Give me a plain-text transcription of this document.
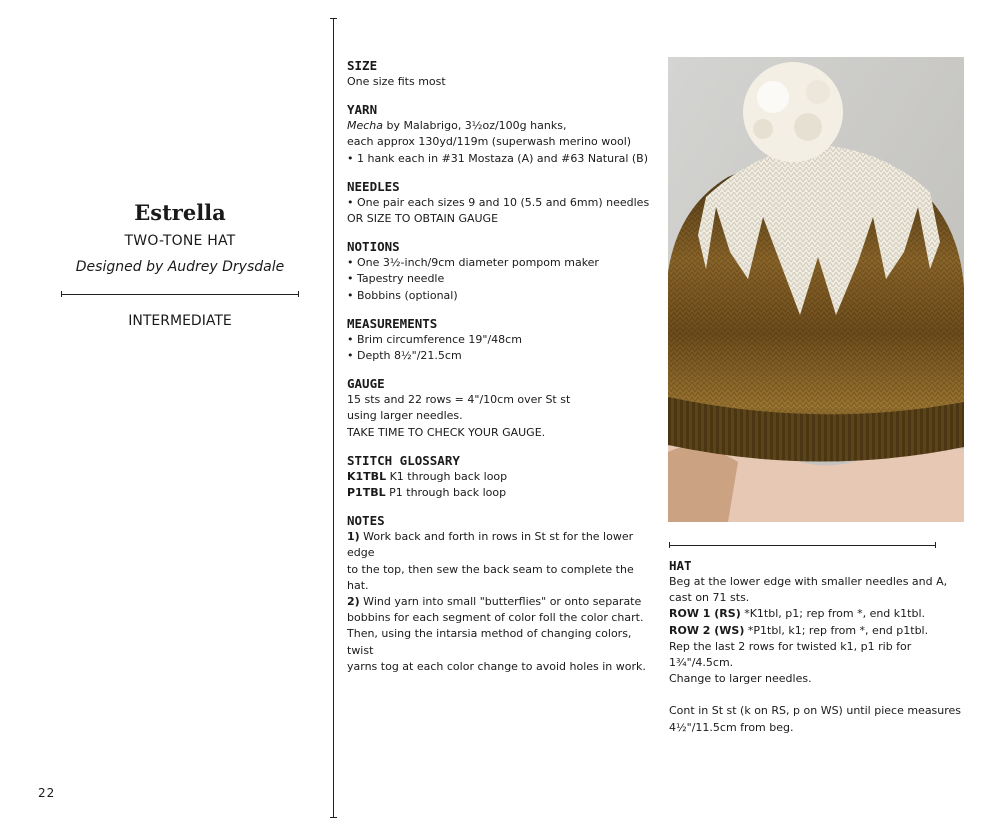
Estrella
TWO-TONE HAT
Designed by Audrey Drysdale
INTERMEDIATE
22
SIZE
One size fits most
YARN
Mecha by Malabrigo, 3½oz/100g hanks,
each approx 130yd/119m (superwash merino wool)
• 1 hank each in #31 Mostaza (A) and #63 Natural (B)
NEEDLES
• One pair each sizes 9 and 10 (5.5 and 6mm) needles
OR SIZE TO OBTAIN GAUGE
NOTIONS
• One 3½-inch/9cm diameter pompom maker
• Tapestry needle
• Bobbins (optional)
MEASUREMENTS
• Brim circumference 19"/48cm
• Depth 8½"/21.5cm
GAUGE
15 sts and 22 rows = 4"/10cm over St st
using larger needles.
TAKE TIME TO CHECK YOUR GAUGE.
STITCH GLOSSARY
K1TBL K1 through back loop
P1TBL P1 through back loop
NOTES
1) Work back and forth in rows in St st for the lower edge
to the top, then sew the back seam to complete the hat.
2) Wind yarn into small "butterflies" or onto separate
bobbins for each segment of color foll the color chart.
Then, using the intarsia method of changing colors, twist
yarns tog at each color change to avoid holes in work.
HAT
Beg at the lower edge with smaller needles and A,
cast on 71 sts.
ROW 1 (RS) *K1tbl, p1; rep from *, end k1tbl.
ROW 2 (WS) *P1tbl, k1; rep from *, end p1tbl.
Rep the last 2 rows for twisted k1, p1 rib for
1¾"/4.5cm.
Change to larger needles.
Cont in St st (k on RS, p on WS) until piece measures
4½"/11.5cm from beg.
